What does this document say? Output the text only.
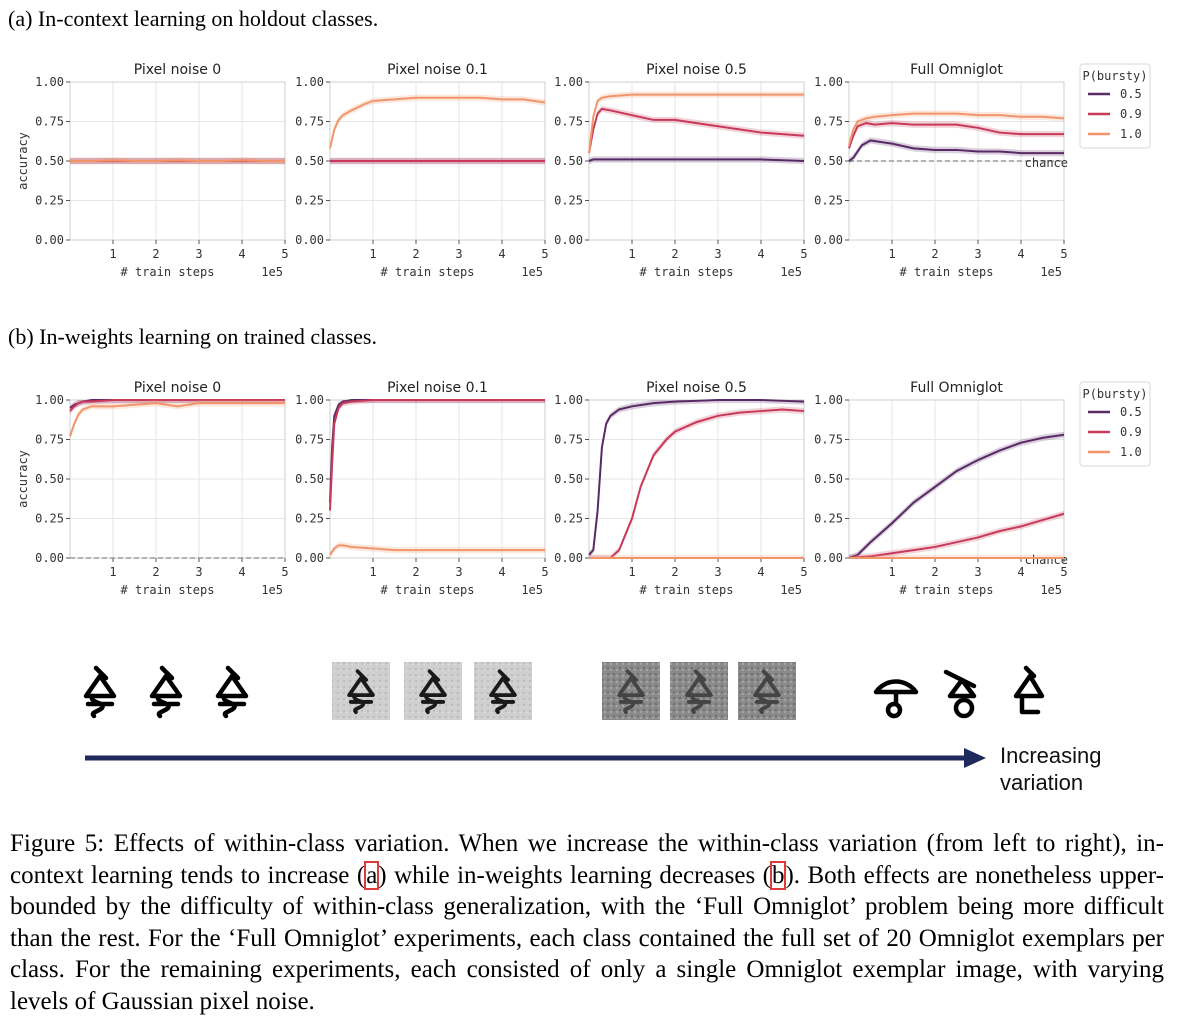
(a) In-context learning on holdout classes.
(b) In-weights learning on trained classes.
0.00
0.25
0.50
0.75
1.00
1	2	3	4	5
# train steps	1e5
Pixel noise 0
accuracy
0.00
0.25
0.50
0.75
1.00
1	2	3	4	5
# train steps	1e5
Pixel noise 0.1
0.00
0.25
0.50
0.75
1.00
1	2	3	4	5
# train steps	1e5
Pixel noise 0.5
0.00
0.25
0.50
0.75
1.00
1	2	3	4	5
# train steps	1e5
Full Omniglot
chance
P(bursty)
0.5
0.9
1.0
0.00
0.25
0.50
0.75
1.00
1	2	3	4	5
# train steps	1e5
Pixel noise 0
accuracy
0.00
0.25
0.50
0.75
1.00
1	2	3	4	5
# train steps	1e5
Pixel noise 0.1
0.00
0.25
0.50
0.75
1.00
1	2	3	4	5
# train steps	1e5
Pixel noise 0.5
0.00
0.25
0.50
0.75
1.00
1	2	3	4	5
# train steps	1e5
Full Omniglot
chance
P(bursty)
0.5
0.9
1.0
Increasing
variation
Figure 5: Effects of within-class variation. When we increase the within-class variation (from left to right), in-context learning tends to increase (a) while in-weights learning decreases (b). Both effects are nonetheless upper-bounded by the difficulty of within-class generalization, with the ‘Full Omniglot’ problem being more difficult than the rest. For the ‘Full Omniglot’ experiments, each class contained the full set of 20 Omniglot exemplars per class. For the remaining experiments, each consisted of only a single Omniglot exemplar image, with varying levels of Gaussian pixel noise.
